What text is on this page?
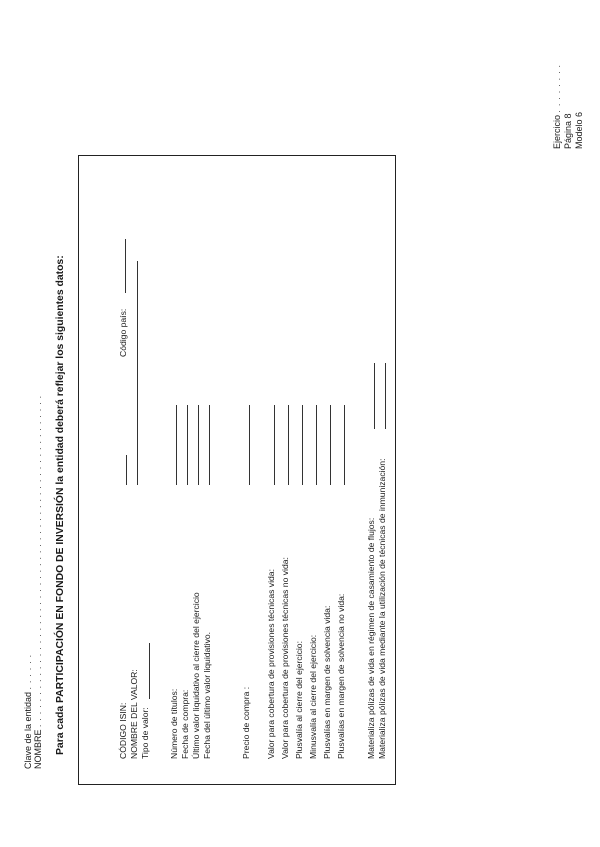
Clave de la entidad . . . . . .
NOMBRE . . . . . . . . . . . . . . . . . . . . . . . . . . . . . . . . . . . . . . . . . . . . . . . . . . . .
Modelo 6
Página 8
Ejercicio . . . . . . . .
Para cada PARTICIPACIÓN EN FONDO DE INVERSIÓN la entidad deberá reflejar los siguientes datos:
CÓDIGO ISIN:
Código país:
NOMBRE DEL VALOR: Tipo de valor: Número de títulos: Fecha de compra: Último valor liquidativo al cierre del ejercicio Fecha del último valor liquidativo.	Precio de compra : Valor para cobertura de provisiones técnicas vida: Valor para cobertura de provisiones técnicas no vida: Plusvalía al cierre del ejercicio: Minusvalía al cierre del ejercicio: Plusvalías en margen de solvencia vida: Plusvalías en margen de solvencia no vida: Materializa pólizas de vida en régimen de casamiento de flujos: Materializa pólizas de vida mediante la utilización de técnicas de inmunización:
